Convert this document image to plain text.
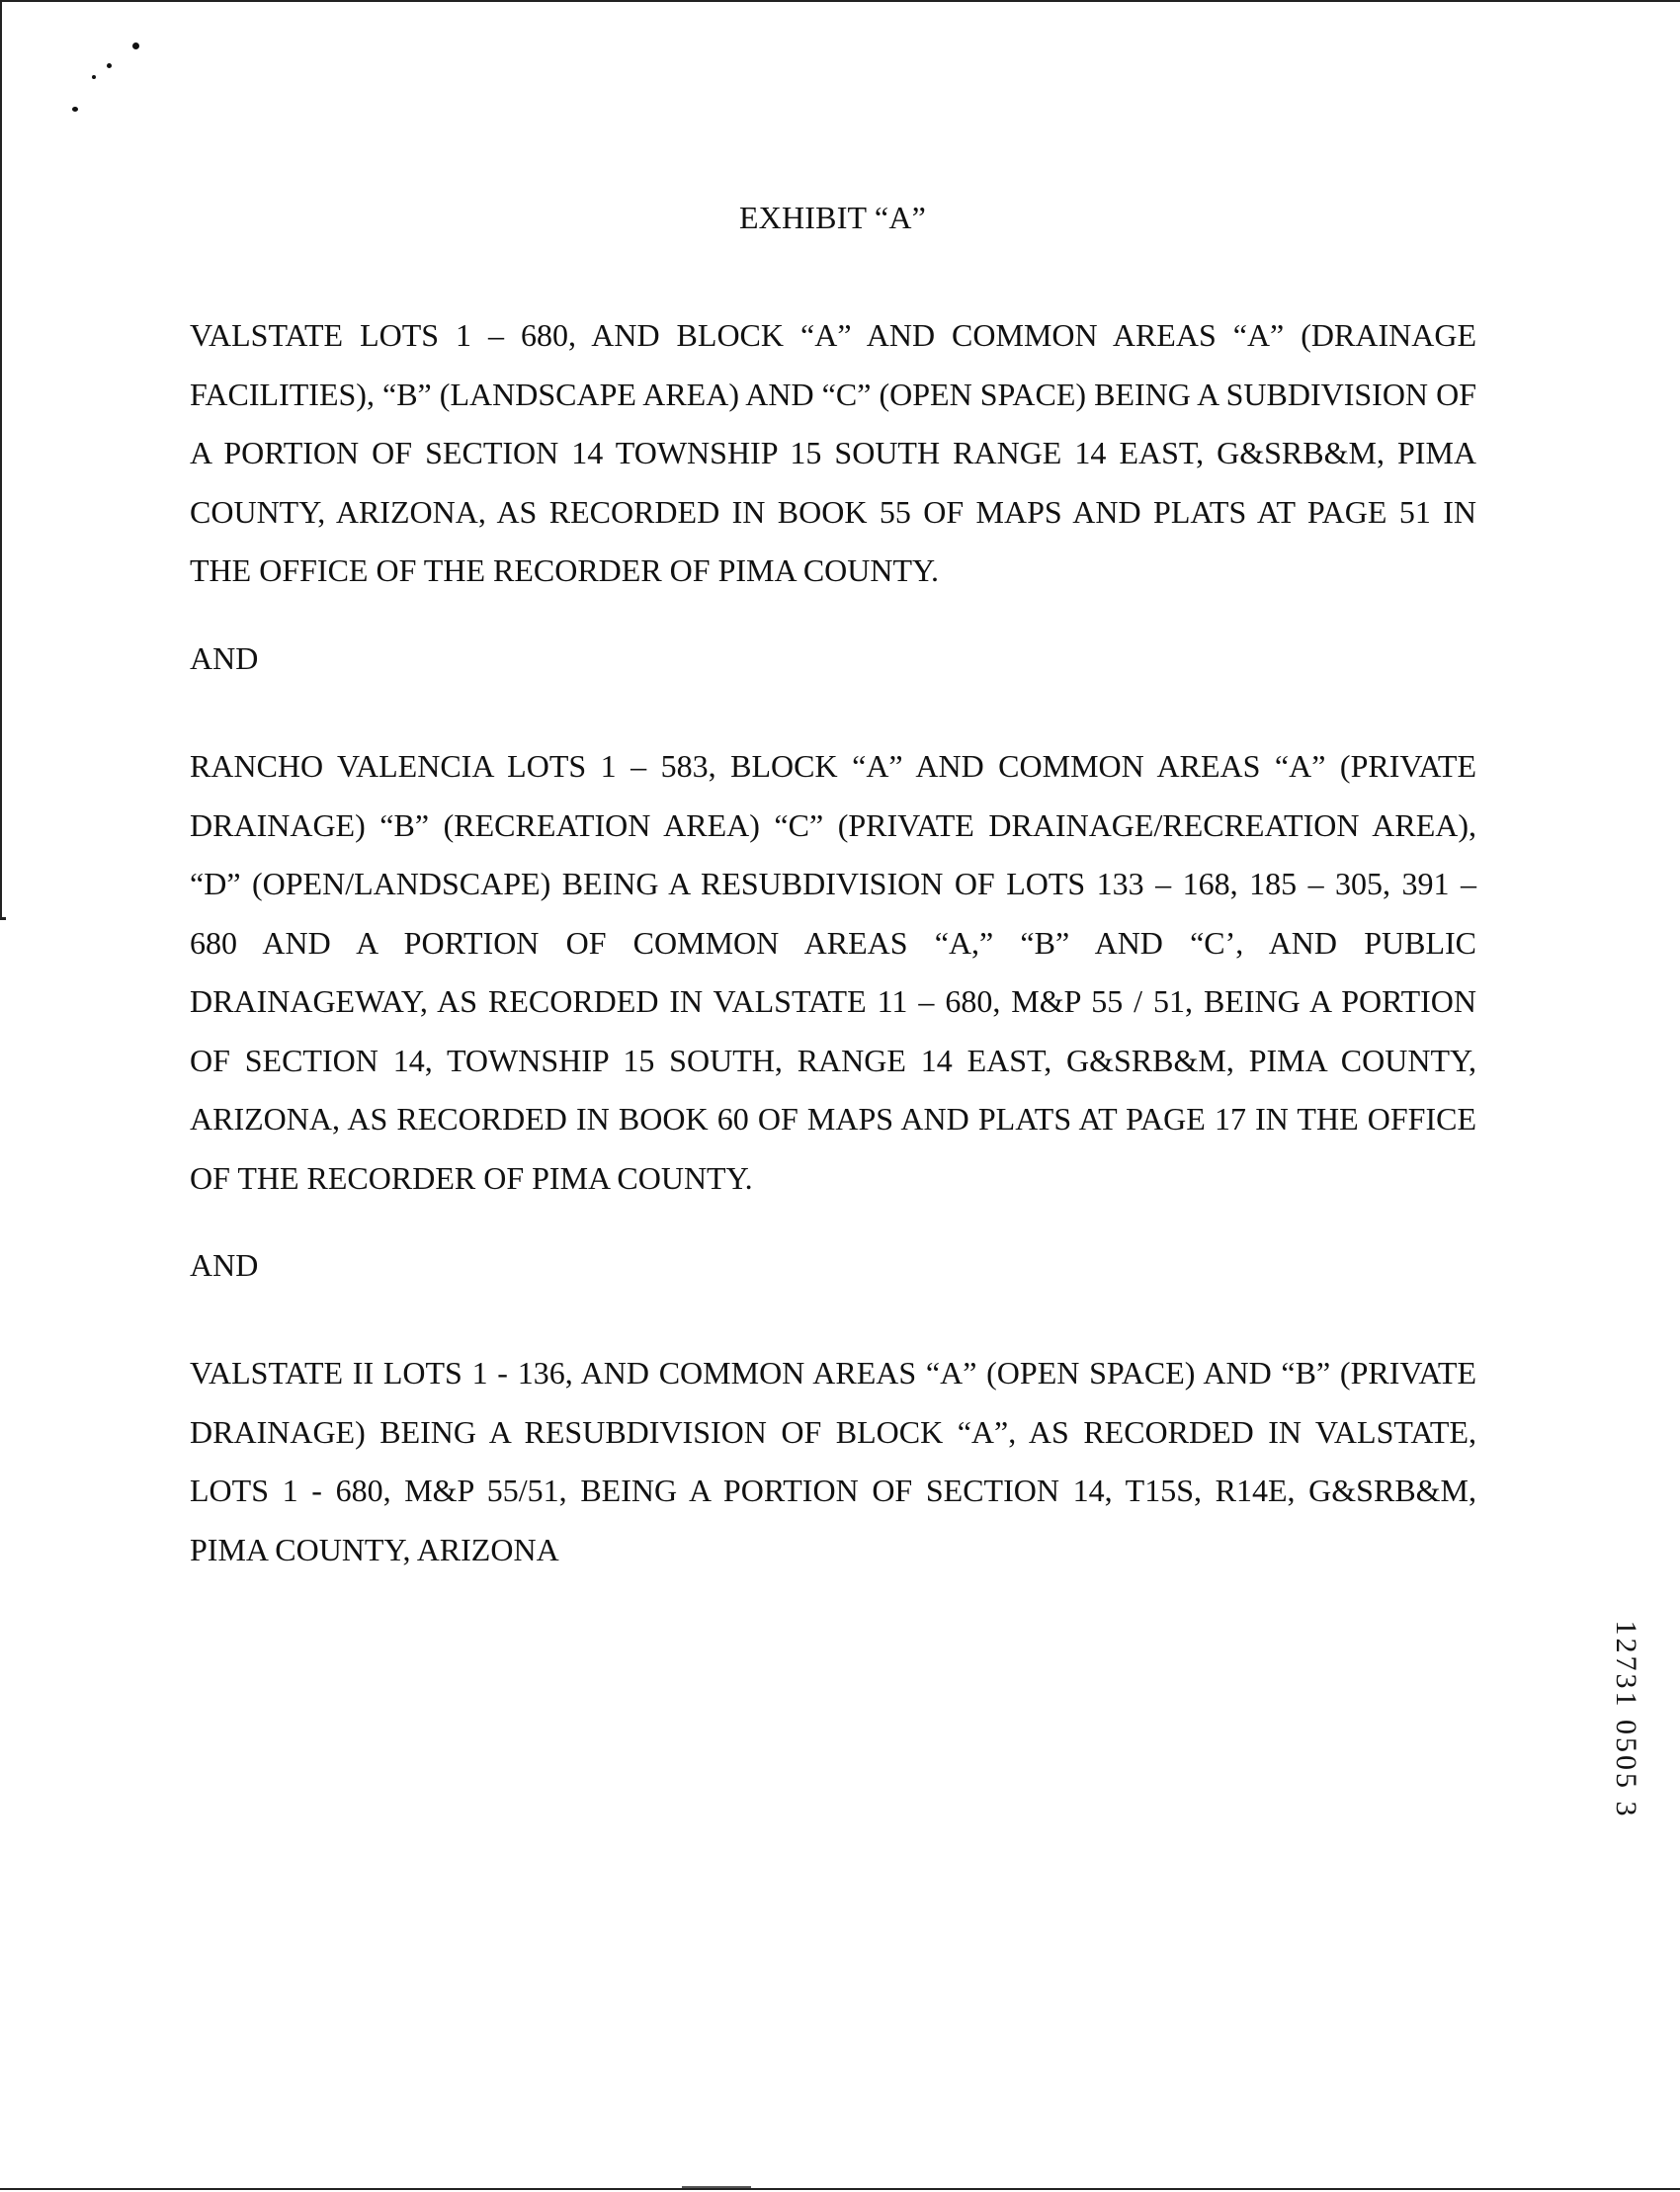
EXHIBIT “A”

VALSTATE LOTS 1 – 680, AND BLOCK “A” AND COMMON AREAS “A” (DRAINAGE FACILITIES), “B” (LANDSCAPE AREA) AND “C” (OPEN SPACE) BEING A SUBDIVISION OF A PORTION OF SECTION 14 TOWNSHIP 15 SOUTH RANGE 14 EAST, G&SRB&M, PIMA COUNTY, ARIZONA, AS RECORDED IN BOOK 55 OF MAPS AND PLATS AT PAGE 51 IN THE OFFICE OF THE RECORDER OF PIMA COUNTY.

AND

RANCHO VALENCIA LOTS 1 – 583, BLOCK “A” AND COMMON AREAS “A” (PRIVATE DRAINAGE) “B” (RECREATION AREA) “C” (PRIVATE DRAINAGE/RECREATION AREA), “D” (OPEN/LANDSCAPE) BEING A RESUBDIVISION OF LOTS 133 – 168, 185 – 305, 391 – 680 AND A PORTION OF COMMON AREAS “A,” “B” AND “C’, AND PUBLIC DRAINAGEWAY, AS RECORDED IN VALSTATE 11 – 680, M&P 55 / 51, BEING A PORTION OF SECTION 14, TOWNSHIP 15 SOUTH, RANGE 14 EAST, G&SRB&M, PIMA COUNTY, ARIZONA, AS RECORDED IN BOOK 60 OF MAPS AND PLATS AT PAGE 17 IN THE OFFICE OF THE RECORDER OF PIMA COUNTY.

AND

VALSTATE II LOTS 1 - 136, AND COMMON AREAS “A” (OPEN SPACE) AND “B” (PRIVATE DRAINAGE) BEING A RESUBDIVISION OF BLOCK “A”, AS RECORDED IN VALSTATE, LOTS 1 - 680, M&P 55/51, BEING A PORTION OF SECTION 14, T15S, R14E, G&SRB&M, PIMA COUNTY, ARIZONA

12731 0505 3
